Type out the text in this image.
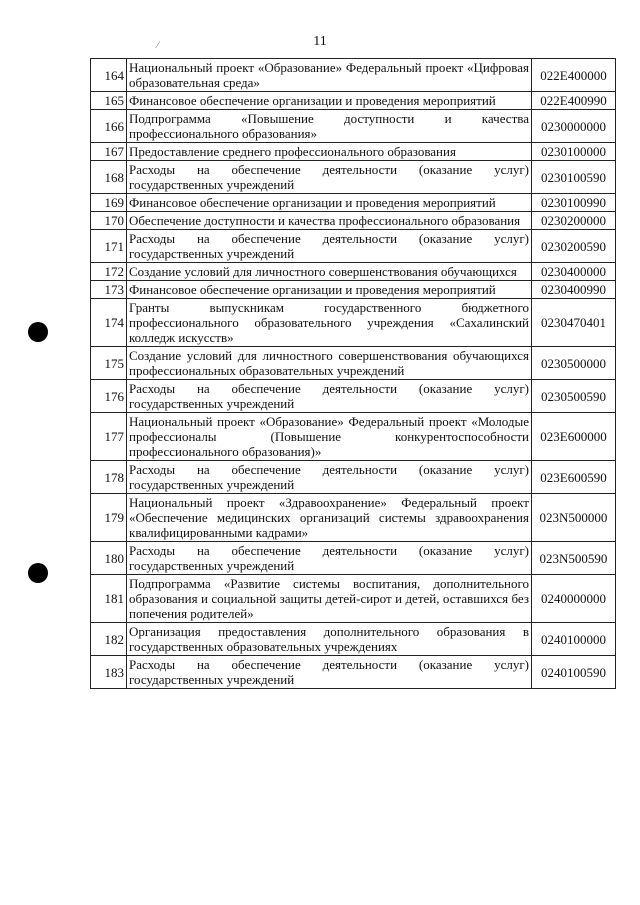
11
⁄
164	Национальный проект «Образование» Федеральный проект «Цифровая образовательная среда»	022E400000
165	Финансовое обеспечение организации и проведения мероприятий	022E400990
166	Подпрограмма «Повышение доступности и качества профессионального образования»	0230000000
167	Предоставление среднего профессионального образования	0230100000
168	Расходы на обеспечение деятельности (оказание услуг) государственных учреждений	0230100590
169	Финансовое обеспечение организации и проведения мероприятий	0230100990
170	Обеспечение доступности и качества профессионального образования	0230200000
171	Расходы на обеспечение деятельности (оказание услуг) государственных учреждений	0230200590
172	Создание условий для личностного совершенствования обучающихся	0230400000
173	Финансовое обеспечение организации и проведения мероприятий	0230400990
174	Гранты выпускникам государственного бюджетного профессионального образовательного учреждения «Сахалинский колледж искусств»	0230470401
175	Создание условий для личностного совершенствования обучающихся профессиональных образовательных учреждений	0230500000
176	Расходы на обеспечение деятельности (оказание услуг) государственных учреждений	0230500590
177	Национальный проект «Образование» Федеральный проект «Молодые профессионалы (Повышение конкурентоспособности профессионального образования)»	023E600000
178	Расходы на обеспечение деятельности (оказание услуг) государственных учреждений	023E600590
179	Национальный проект «Здравоохранение» Федеральный проект «Обеспечение медицинских организаций системы здравоохранения квалифицированными кадрами»	023N500000
180	Расходы на обеспечение деятельности (оказание услуг) государственных учреждений	023N500590
181	Подпрограмма «Развитие системы воспитания, дополнительного образования и социальной защиты детей-сирот и детей, оставшихся без попечения родителей»	0240000000
182	Организация предоставления дополнительного образования в государственных образовательных учреждениях	0240100000
183	Расходы на обеспечение деятельности (оказание услуг) государственных учреждений	0240100590
